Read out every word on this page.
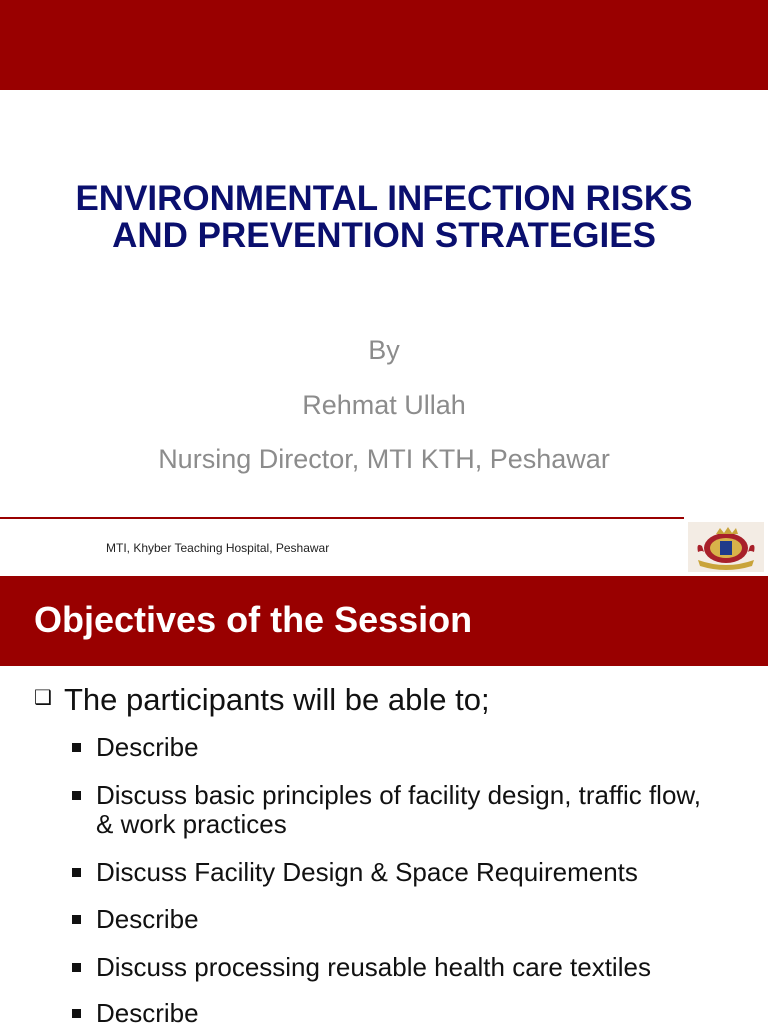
ENVIRONMENTAL INFECTION RISKS AND PREVENTION STRATEGIES
By
Rehmat Ullah
Nursing Director, MTI KTH, Peshawar
MTI, Khyber Teaching Hospital, Peshawar
Objectives of the Session
❑ The participants will be able to;
Describe
Discuss basic principles of facility design, traffic flow, & work practices
Discuss Facility Design & Space Requirements
Describe
Discuss processing reusable health care textiles
Describe
